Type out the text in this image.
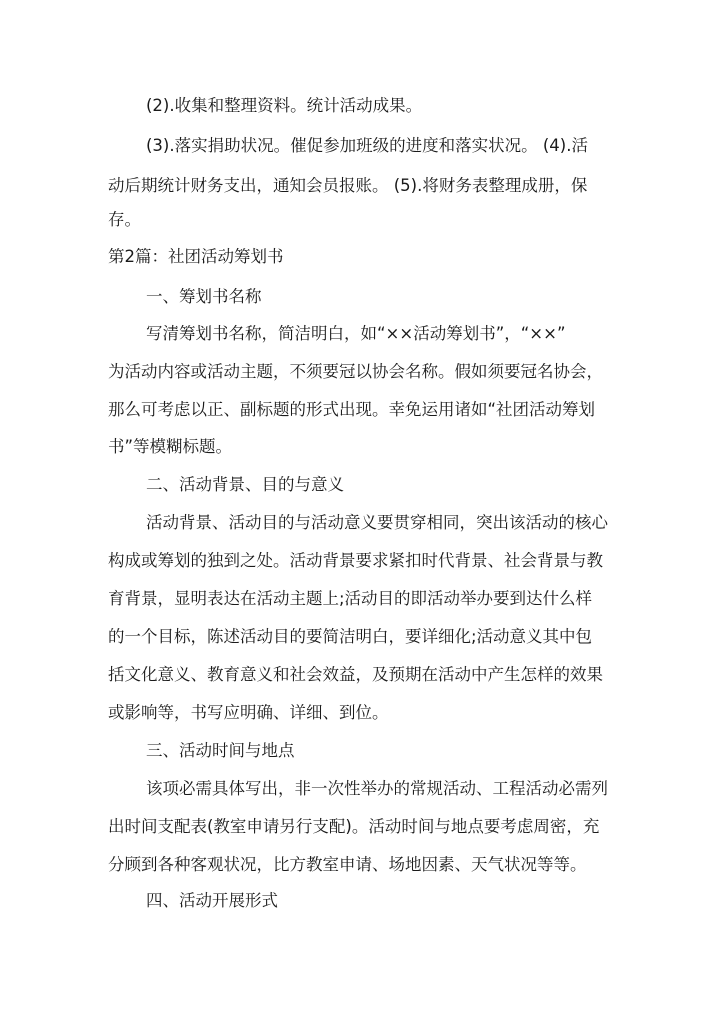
(2).收集和整理资料。统计活动成果。
(3).落实捐助状况。催促参加班级的进度和落实状况。 (4).活
动后期统计财务支出，通知会员报账。 (5).将财务表整理成册，保
存。
第2篇：社团活动筹划书
一、筹划书名称
写清筹划书名称，简洁明白，如“××活动筹划书”，“××”
为活动内容或活动主题，不须要冠以协会名称。假如须要冠名协会，
那么可考虑以正、副标题的形式出现。幸免运用诸如“社团活动筹划
书”等模糊标题。
二、活动背景、目的与意义
活动背景、活动目的与活动意义要贯穿相同，突出该活动的核心
构成或筹划的独到之处。活动背景要求紧扣时代背景、社会背景与教
育背景，显明表达在活动主题上;活动目的即活动举办要到达什么样
的一个目标，陈述活动目的要简洁明白，要详细化;活动意义其中包
括文化意义、教育意义和社会效益，及预期在活动中产生怎样的效果
或影响等，书写应明确、详细、到位。
三、活动时间与地点
该项必需具体写出，非一次性举办的常规活动、工程活动必需列
出时间支配表(教室申请另行支配)。活动时间与地点要考虑周密，充
分顾到各种客观状况，比方教室申请、场地因素、天气状况等等。
四、活动开展形式
